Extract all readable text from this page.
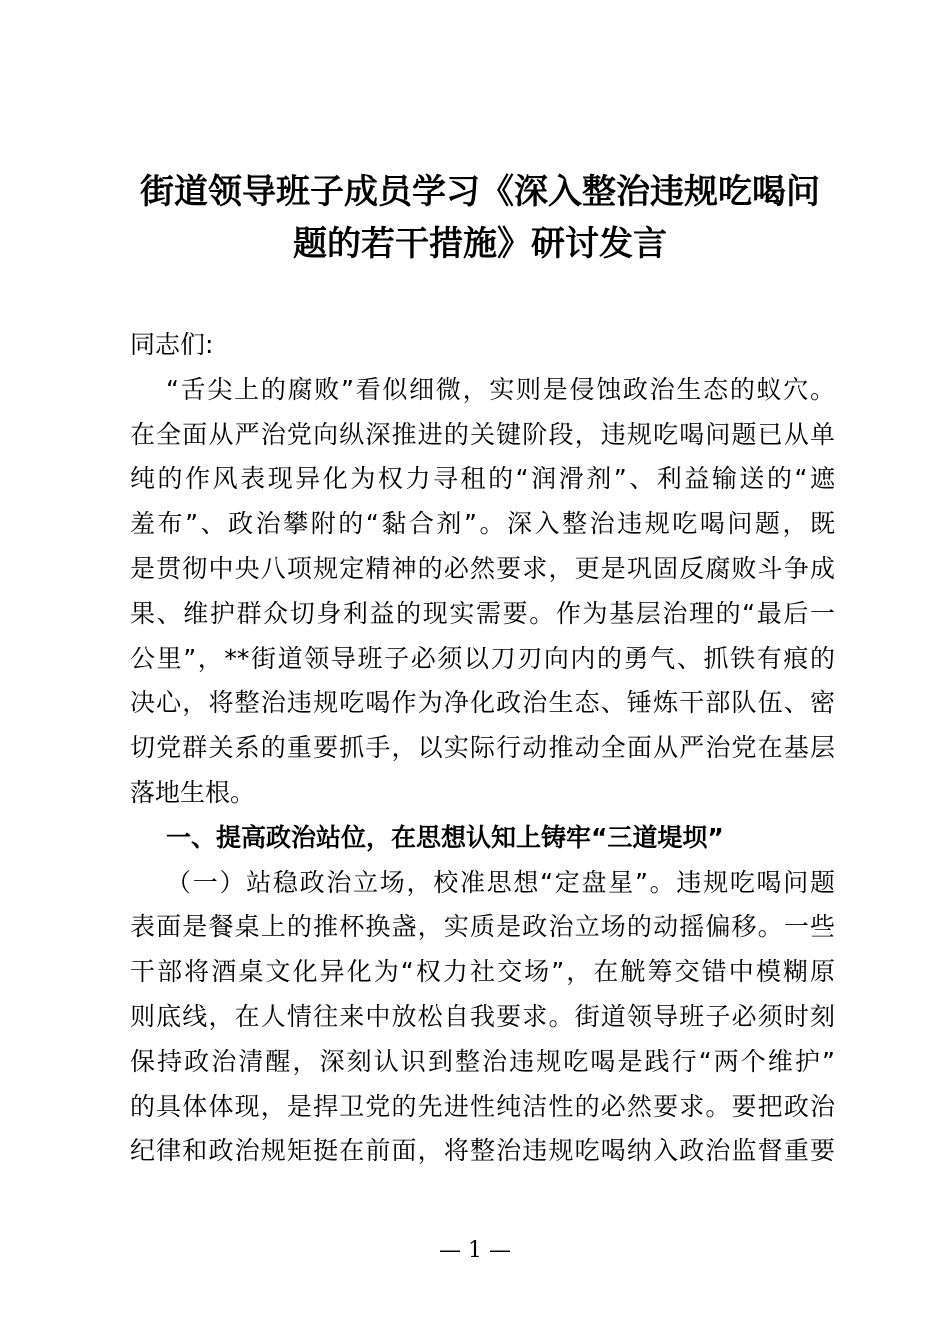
街道领导班子成员学习《深入整治违规吃喝问
题的若干措施》研讨发言
同志们:
“舌尖上的腐败”看似细微，实则是侵蚀政治生态的蚁穴。
在全面从严治党向纵深推进的关键阶段，违规吃喝问题已从单
纯的作风表现异化为权力寻租的“润滑剂”、利益输送的“遮
羞布”、政治攀附的“黏合剂”。深入整治违规吃喝问题，既
是贯彻中央八项规定精神的必然要求，更是巩固反腐败斗争成
果、维护群众切身利益的现实需要。作为基层治理的“最后一
公里”，**街道领导班子必须以刀刃向内的勇气、抓铁有痕的
决心，将整治违规吃喝作为净化政治生态、锤炼干部队伍、密
切党群关系的重要抓手，以实际行动推动全面从严治党在基层
落地生根。
一、提高政治站位，在思想认知上铸牢“三道堤坝”
（一）站稳政治立场，校准思想“定盘星”。违规吃喝问题
表面是餐桌上的推杯换盏，实质是政治立场的动摇偏移。一些
干部将酒桌文化异化为“权力社交场”，在觥筹交错中模糊原
则底线，在人情往来中放松自我要求。街道领导班子必须时刻
保持政治清醒，深刻认识到整治违规吃喝是践行“两个维护”
的具体体现，是捍卫党的先进性纯洁性的必然要求。要把政治
纪律和政治规矩挺在前面，将整治违规吃喝纳入政治监督重要
— 1 —
